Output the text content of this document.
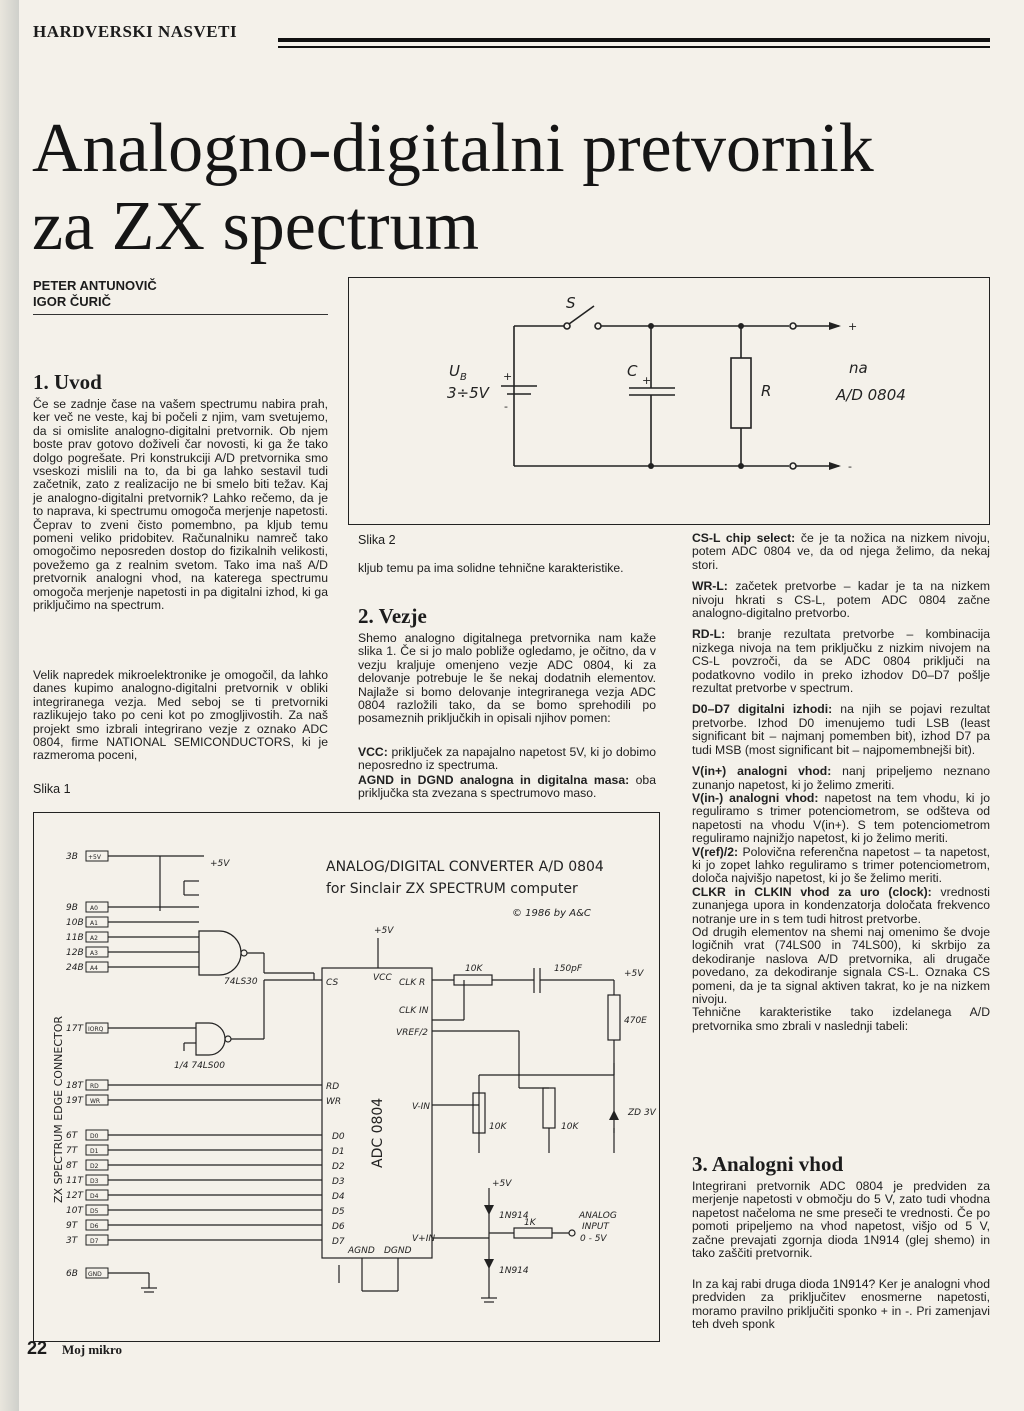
HARDVERSKI NASVETI
Analogno-digitalni pretvornik
za ZX spectrum
PETER ANTUNOVIČ
IGOR ČURIČ
1. Uvod
Če se zadnje čase na vašem spectrumu nabira prah, ker več ne veste, kaj bi počeli z njim, vam svetujemo, da si omislite analogno-digitalni pretvornik. Ob njem boste prav gotovo doživeli čar novosti, ki ga že tako dolgo pogrešate. Pri konstrukciji A/D pretvornika smo vseskozi mislili na to, da bi ga lahko sestavil tudi začetnik, zato z realizacijo ne bi smelo biti težav. Kaj je analogno-digitalni pretvornik? Lahko rečemo, da je to naprava, ki spectrumu omogoča merjenje napetosti. Čeprav to zveni čisto pomembno, pa kljub temu pomeni veliko pridobitev. Računalniku namreč tako omogočimo neposreden dostop do fizikalnih velikosti, povežemo ga z realnim svetom. Tako ima naš A/D pretvornik analogni vhod, na katerega spectrumu omogoča merjenje napetosti in pa digitalni izhod, ki ga priključimo na spectrum.
Velik napredek mikroelektronike je omogočil, da lahko danes kupimo analogno-digitalni pretvornik v obliki integriranega vezja. Med seboj se ti pretvorniki razlikujejo tako po ceni kot po zmogljivostih. Za naš projekt smo izbrali integrirano vezje z oznako ADC 0804, firme NATIONAL SEMICONDUCTORS, ki je razmeroma poceni,
Slika 1
S
$U_B$
3÷5V
C
R
na
A/D 0804
+
-
+
+
-
Slika 2
kljub temu pa ima solidne tehnične karakteristike.
2. Vezje
Shemo analogno digitalnega pretvornika nam kaže slika 1. Če si jo malo pobliže ogledamo, je očitno, da v vezju kraljuje omenjeno vezje ADC 0804, ki za delovanje potrebuje le še nekaj dodatnih elementov. Najlaže si bomo delovanje integriranega vezja ADC 0804 razložili tako, da se bomo sprehodili po posameznih priključkih in opisali njihov pomen:
VCC: priključek za napajalno napetost 5V, ki jo dobimo neposredno iz spectruma.
AGND in DGND analogna in digitalna masa: oba priključka sta zvezana s spectrumovo maso.

CS-L chip select: če je ta nožica na nizkem nivoju, potem ADC 0804 ve, da od njega želimo, da nekaj stori.

WR-L: začetek pretvorbe – kadar je ta na nizkem nivoju hkrati s CS-L, potem ADC 0804 začne analogno-digitalno pretvorbo.

RD-L: branje rezultata pretvorbe – kombinacija nizkega nivoja na tem priključku z nizkim nivojem na CS-L povzroči, da se ADC 0804 priključi na podatkovno vodilo in preko izhodov D0–D7 pošlje rezultat pretvorbe v spectrum.

D0–D7 digitalni izhodi: na njih se pojavi rezultat pretvorbe. Izhod D0 imenujemo tudi LSB (least significant bit – najmanj pomemben bit), izhod D7 pa tudi MSB (most significant bit – najpomembnejši bit).

V(in+) analogni vhod: nanj pripeljemo neznano zunanjo napetost, ki jo želimo zmeriti.

V(in-) analogni vhod: napetost na tem vhodu, ki jo reguliramo s trimer potenciometrom, se odšteva od napetosti na vhodu V(in+). S tem potenciometrom reguliramo najnižjo napetost, ki jo želimo meriti.

V(ref)/2: Polovična referenčna napetost – ta napetost, ki jo zopet lahko reguliramo s trimer potenciometrom, določa najvišjo napetost, ki jo še želimo meriti.

CLKR in CLKIN vhod za uro (clock): vrednosti zunanjega upora in kondenzatorja določata frekvenco notranje ure in s tem tudi hitrost pretvorbe.

Od drugih elementov na shemi naj omenimo še dvoje logičnih vrat (74LS00 in 74LS00), ki skrbijo za dekodiranje naslova A/D pretvornika, ali drugače povedano, za dekodiranje signala CS-L. Oznaka CS pomeni, da je ta signal aktiven takrat, ko je na nizkem nivoju.

Tehnične karakteristike tako izdelanega A/D pretvornika smo zbrali v naslednji tabeli:

3. Analogni vhod
Integrirani pretvornik ADC 0804 je predviden za merjenje napetosti v območju do 5 V, zato tudi vhodna napetost načeloma ne sme preseči te vrednosti. Če po pomoti pripeljemo na vhod napetost, višjo od 5 V, začne prevajati zgornja dioda 1N914 (glej shemo) in tako zaščiti pretvornik.
In za kaj rabi druga dioda 1N914? Ker je analogni vhod predviden za priključitev enosmerne napetosti, moramo pravilno priključiti sponko + in -. Pri zamenjavi teh dveh sponk
ANALOG/DIGITAL CONVERTER A/D 0804
for Sinclair ZX SPECTRUM computer
© 1986 by A&C
ZX SPECTRUM EDGE CONNECTOR
3B
9B
10B
11B
12B
24B
17T
18T
19T
6T
7T
8T
11T
12T
10T
9T
3T
6B
+5V
A0
A1
A2
A3
A4
IORQ
RD
WR
D0
D1
D2
D3
D4
D5
D6
D7
GND
+5V
74LS30
1/4 74LS00
+5V
+5V
+5V
VCC
10K	150pF
470E
ZD 3V
10K	10K
1N914
1N914
1K
ANALOG
INPUT
0 - 5V
CS
RD
WR
D0
D1
D2
D3
D4
D5
D6
D7
CLK R
CLK IN
VREF/2
V-IN
V+IN
AGND DGND
ADC 0804
22 Moj mikro
